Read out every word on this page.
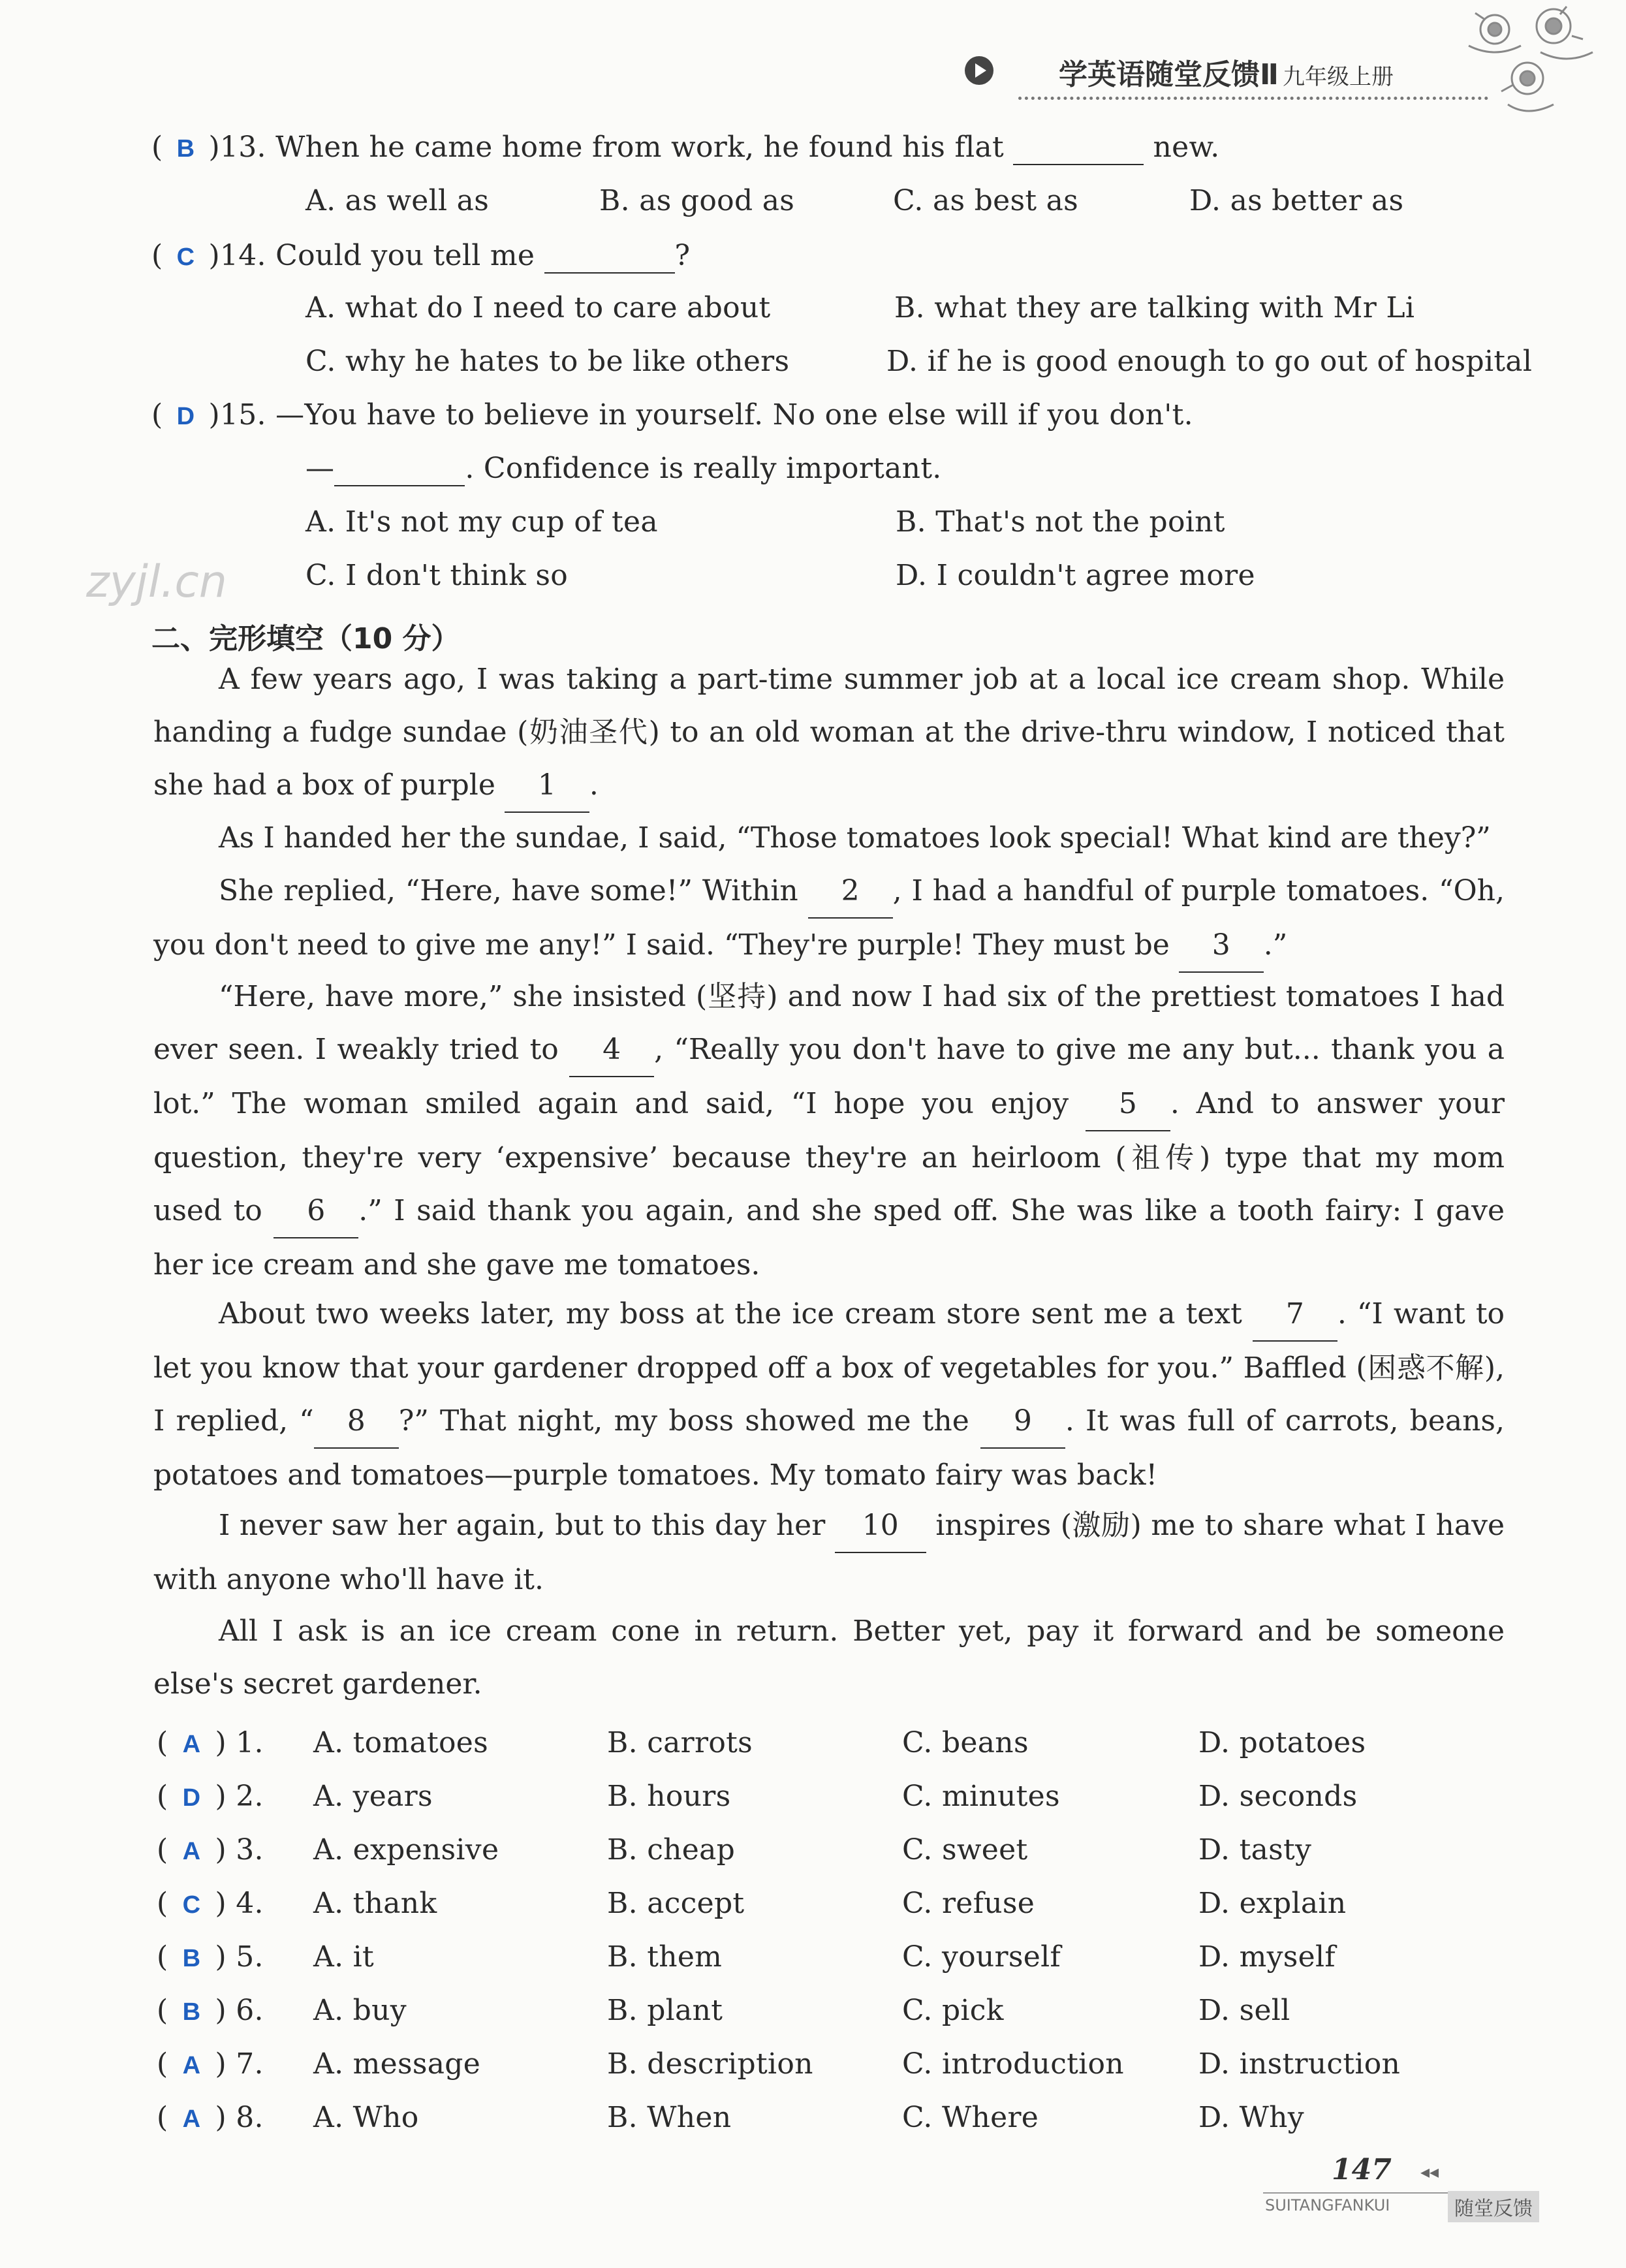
学英语随堂反馈Ⅱ 九年级上册
( B )13. When he came home from work, he found his flat	new.
A. as well as	B. as good as	C. as best as	D. as better as
( C )14. Could you tell me	?
A. what do I need to care about	B. what they are talking with Mr Li
C. why he hates to be like others	D. if he is good enough to go out of hospital
( D )15. —You have to believe in yourself. No one else will if you don't.
—	. Confidence is really important.
A. It's not my cup of tea	B. That's not the point
C. I don't think so	D. I couldn't agree more
zyjl.cn
二、完形填空（10 分）
A few years ago, I was taking a part-time summer job at a local ice cream shop. While handing a fudge sundae (奶油圣代) to an old woman at the drive-thru window, I noticed that she had a box of purple 1 .
As I handed her the sundae, I said, “Those tomatoes look special! What kind are they?”
She replied, “Here, have some!” Within 2 , I had a handful of purple tomatoes. “Oh, you don't need to give me any!” I said. “They're purple! They must be 3 .”
“Here, have more,” she insisted (坚持) and now I had six of the prettiest tomatoes I had ever seen. I weakly tried to 4 , “Really you don't have to give me any but... thank you a lot.” The woman smiled again and said, “I hope you enjoy 5 . And to answer your question, they're very ‘expensive’ because they're an heirloom (祖传) type that my mom used to 6 .” I said thank you again, and she sped off. She was like a tooth fairy: I gave her ice cream and she gave me tomatoes.
About two weeks later, my boss at the ice cream store sent me a text 7 . “I want to let you know that your gardener dropped off a box of vegetables for you.” Baffled (困惑不解), I replied, “ 8 ?” That night, my boss showed me the 9 . It was full of carrots, beans, potatoes and tomatoes—purple tomatoes. My tomato fairy was back!
I never saw her again, but to this day her 10 inspires (激励) me to share what I have with anyone who'll have it.
All I ask is an ice cream cone in return. Better yet, pay it forward and be someone else's secret gardener.
( A ) 1. A. tomatoes	B. carrots	C. beans	D. potatoes
( D ) 2. A. years	B. hours	C. minutes	D. seconds
( A ) 3. A. expensive	B. cheap	C. sweet	D. tasty
( C ) 4. A. thank	B. accept	C. refuse	D. explain
( B ) 5. A. it	B. them	C. yourself	D. myself
( B ) 6. A. buy	B. plant	C. pick	D. sell
( A ) 7. A. message	B. description	C. introduction	D. instruction
( A ) 8. A. Who	B. When	C. Where	D. Why
147 ◂◂
SUITANGFANKUI	随堂反馈
